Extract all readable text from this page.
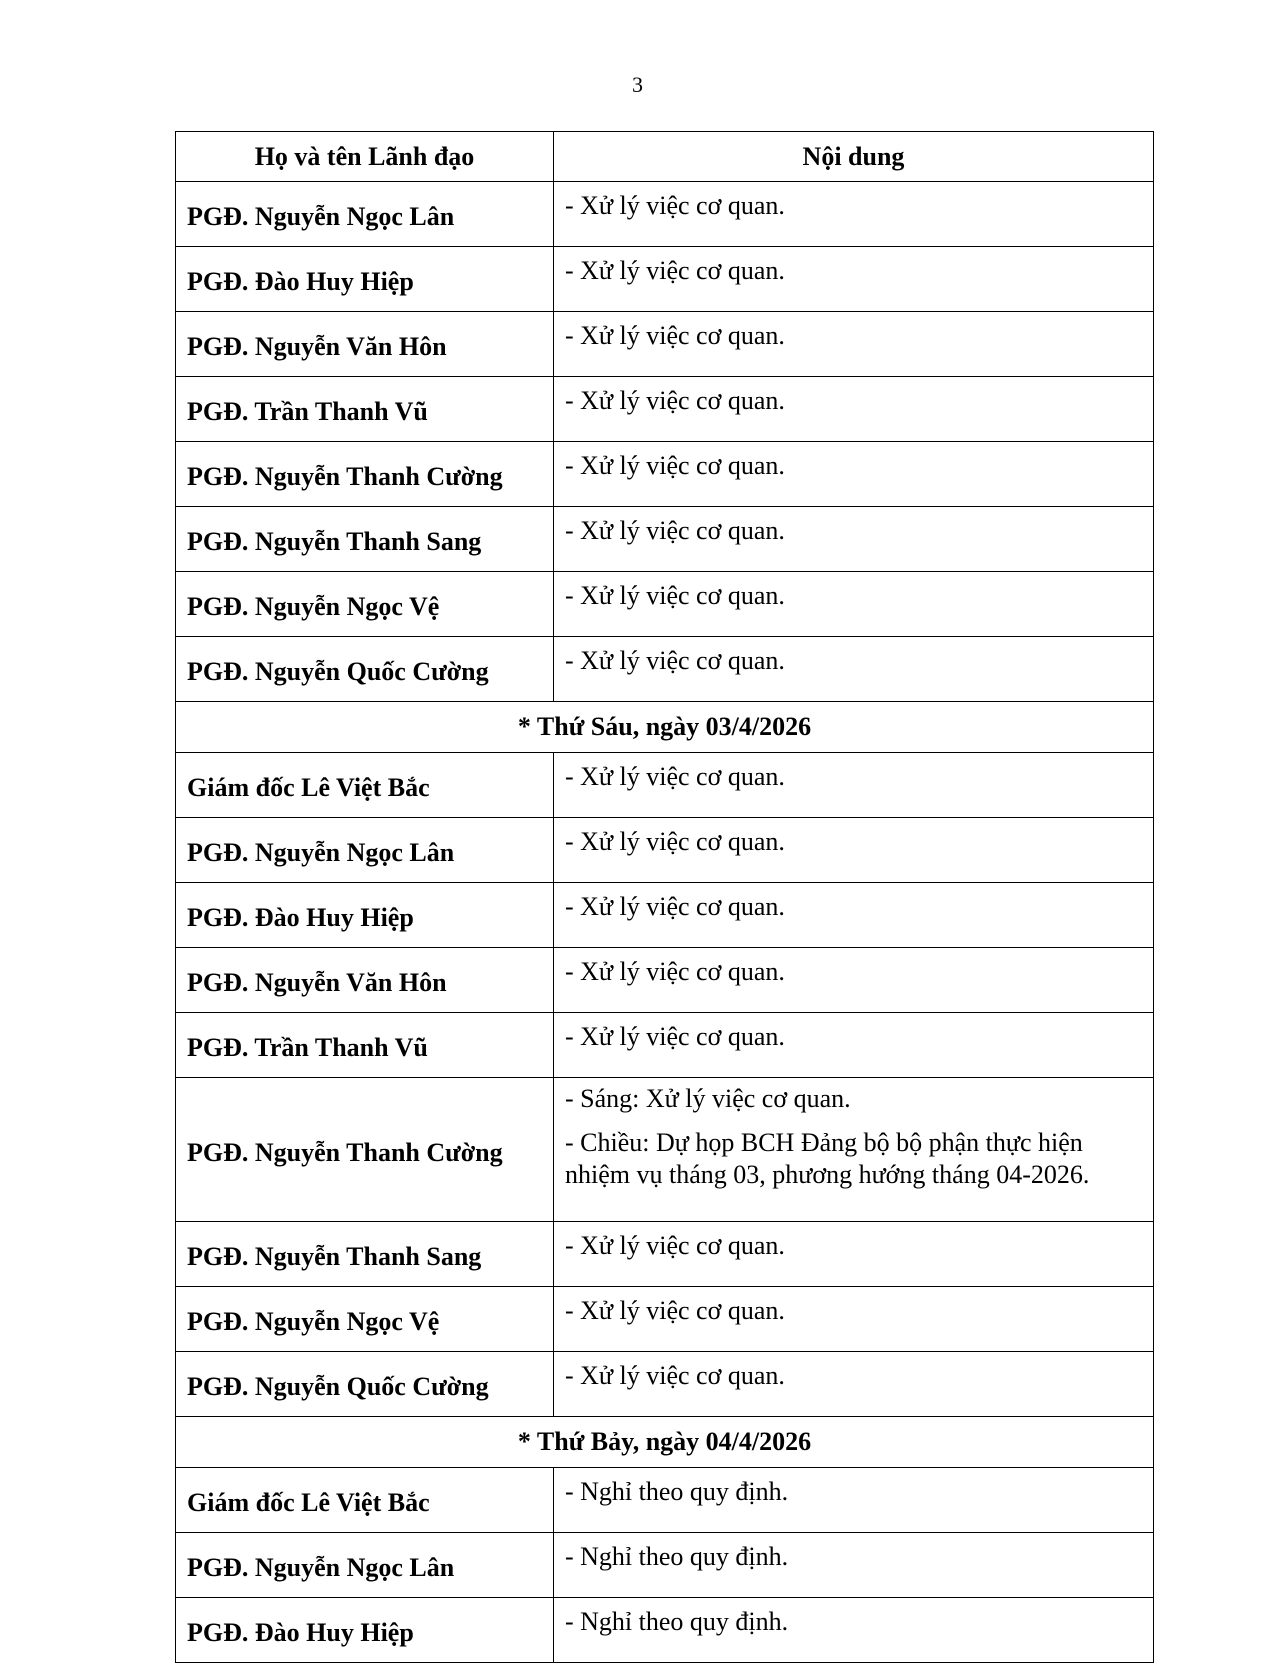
3
Họ và tên Lãnh đạo	Nội dung
PGĐ. Nguyễn Ngọc Lân	- Xử lý việc cơ quan.

PGĐ. Đào Huy Hiệp	- Xử lý việc cơ quan.

PGĐ. Nguyễn Văn Hôn	- Xử lý việc cơ quan.

PGĐ. Trần Thanh Vũ	- Xử lý việc cơ quan.

PGĐ. Nguyễn Thanh Cường	- Xử lý việc cơ quan.

PGĐ. Nguyễn Thanh Sang	- Xử lý việc cơ quan.

PGĐ. Nguyễn Ngọc Vệ	- Xử lý việc cơ quan.

PGĐ. Nguyễn Quốc Cường	- Xử lý việc cơ quan.

* Thứ Sáu, ngày 03/4/2026	
Giám đốc Lê Việt Bắc	- Xử lý việc cơ quan.

PGĐ. Nguyễn Ngọc Lân	- Xử lý việc cơ quan.

PGĐ. Đào Huy Hiệp	- Xử lý việc cơ quan.

PGĐ. Nguyễn Văn Hôn	- Xử lý việc cơ quan.

PGĐ. Trần Thanh Vũ	- Xử lý việc cơ quan.

PGĐ. Nguyễn Thanh Cường	- Sáng: Xử lý việc cơ quan.
- Chiều: Dự họp BCH Đảng bộ bộ phận thực hiện nhiệm vụ tháng 03, phương hướng tháng 04-2026.

PGĐ. Nguyễn Thanh Sang	- Xử lý việc cơ quan.

PGĐ. Nguyễn Ngọc Vệ	- Xử lý việc cơ quan.

PGĐ. Nguyễn Quốc Cường	- Xử lý việc cơ quan.

* Thứ Bảy, ngày 04/4/2026	
Giám đốc Lê Việt Bắc	- Nghỉ theo quy định.

PGĐ. Nguyễn Ngọc Lân	- Nghỉ theo quy định.

PGĐ. Đào Huy Hiệp	- Nghỉ theo quy định.
